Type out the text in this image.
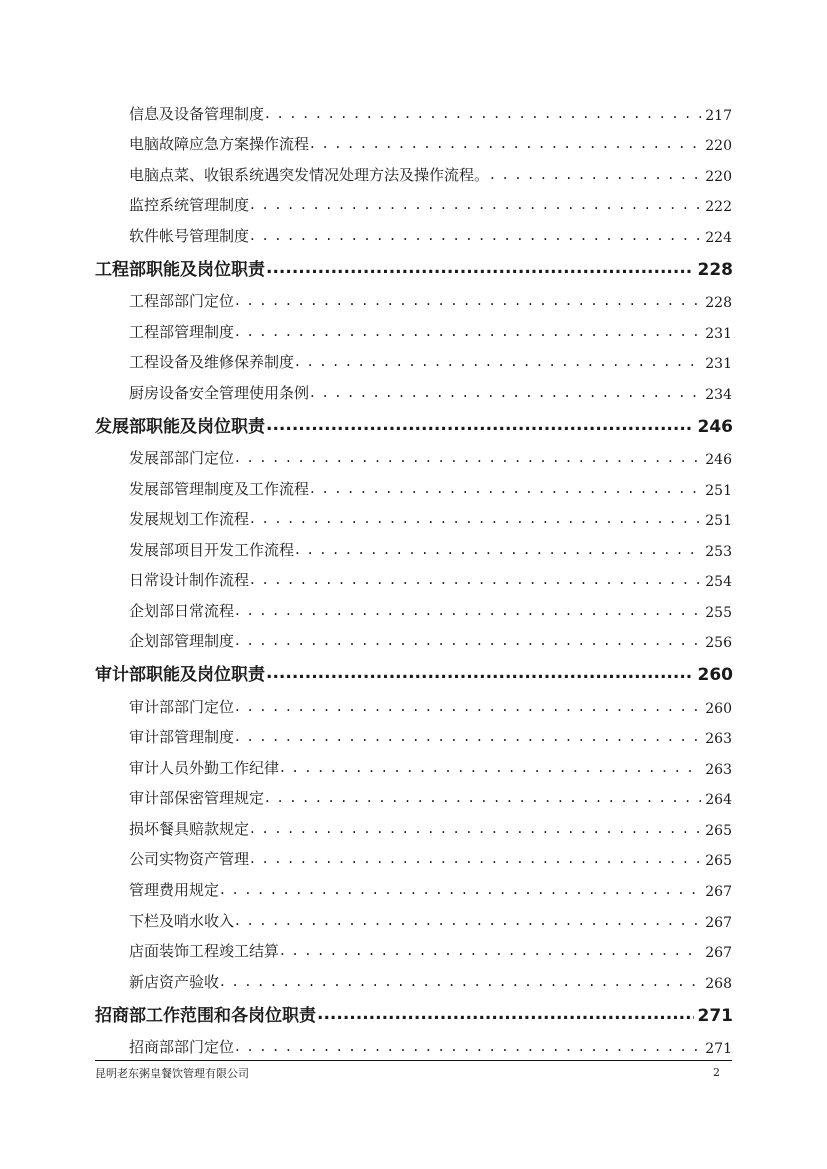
信息及设备管理制度 . . .	217
电脑故障应急方案操作流程 . . .	220
电脑点菜、收银系统遇突发情况处理方法及操作流程。 . . .	220
监控系统管理制度 . . .	222
软件帐号管理制度 . . .	224
工程部职能及岗位职责 .....	228
工程部部门定位 . . .	228
工程部管理制度 . . .	231
工程设备及维修保养制度 . . .	231
厨房设备安全管理使用条例 . . .	234
发展部职能及岗位职责 .....	246
发展部部门定位 . . .	246
发展部管理制度及工作流程 . . .	251
发展规划工作流程 . . .	251
发展部项目开发工作流程 . . .	253
日常设计制作流程 . . .	254
企划部日常流程 . . .	255
企划部管理制度 . . .	256
审计部职能及岗位职责 .....	260
审计部部门定位 . . .	260
审计部管理制度 . . .	263
审计人员外勤工作纪律 . . .	263
审计部保密管理规定 . . .	264
损坏餐具赔款规定 . . .	265
公司实物资产管理 . . .	265
管理费用规定 . . .	267
下栏及哨水收入 . . .	267
店面装饰工程竣工结算 . . .	267
新店资产验收 . . .	268
招商部工作范围和各岗位职责 .....	271
招商部部门定位 . . .	271
昆明老东粥皇餐饮管理有限公司	2
